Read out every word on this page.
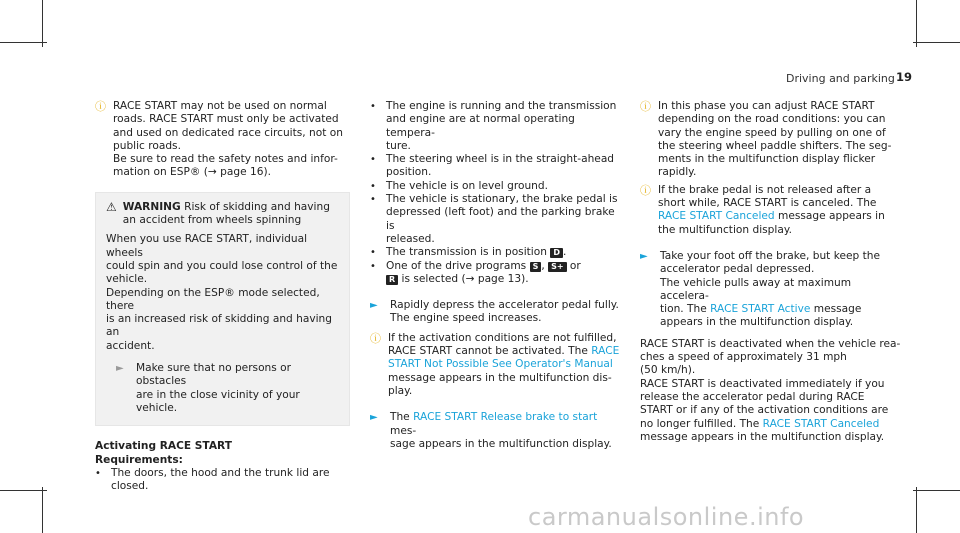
Driving and parking 19
ⓘ RACE START may not be used on normal

roads. RACE START must only be activated

and used on dedicated race circuits, not on

public roads.

Be sure to read the safety notes and infor-

mation on ESP® (→ page 16).

⚠ WARNING Risk of skidding and having

an accident from wheels spinning

When you use RACE START, individual wheels

could spin and you could lose control of the

vehicle.

Depending on the ESP® mode selected, there

is an increased risk of skidding and having an

accident.

► Make sure that no persons or obstacles

are in the close vicinity of your vehicle.

Activating RACE START

Requirements:

• The doors, the hood and the trunk lid are

closed.

• The engine is running and the transmission

and engine are at normal operating tempera-

ture.

• The steering wheel is in the straight-ahead

position.

• The vehicle is on level ground.

• The vehicle is stationary, the brake pedal is

depressed (left foot) and the parking brake is

released.

• The transmission is in position D .

• One of the drive programs S , S+ or

R is selected (→ page 13).

► Rapidly depress the accelerator pedal fully.

The engine speed increases.

ⓘ If the activation conditions are not fulfilled,

RACE START cannot be activated. The RACE

START Not Possible See Operator's Manual

message appears in the multifunction dis-

play.

► The RACE START Release brake to start mes-

sage appears in the multifunction display.

ⓘ In this phase you can adjust RACE START

depending on the road conditions: you can

vary the engine speed by pulling on one of

the steering wheel paddle shifters. The seg-

ments in the multifunction display flicker

rapidly.

ⓘ If the brake pedal is not released after a

short while, RACE START is canceled. The

RACE START Canceled message appears in

the multifunction display.

► Take your foot off the brake, but keep the

accelerator pedal depressed.

The vehicle pulls away at maximum accelera-

tion. The RACE START Active message

appears in the multifunction display.

RACE START is deactivated when the vehicle rea-

ches a speed of approximately 31 mph

(50 km/h).

RACE START is deactivated immediately if you

release the accelerator pedal during RACE

START or if any of the activation conditions are

no longer fulfilled. The RACE START Canceled

message appears in the multifunction display.

carmanualsonline.info
